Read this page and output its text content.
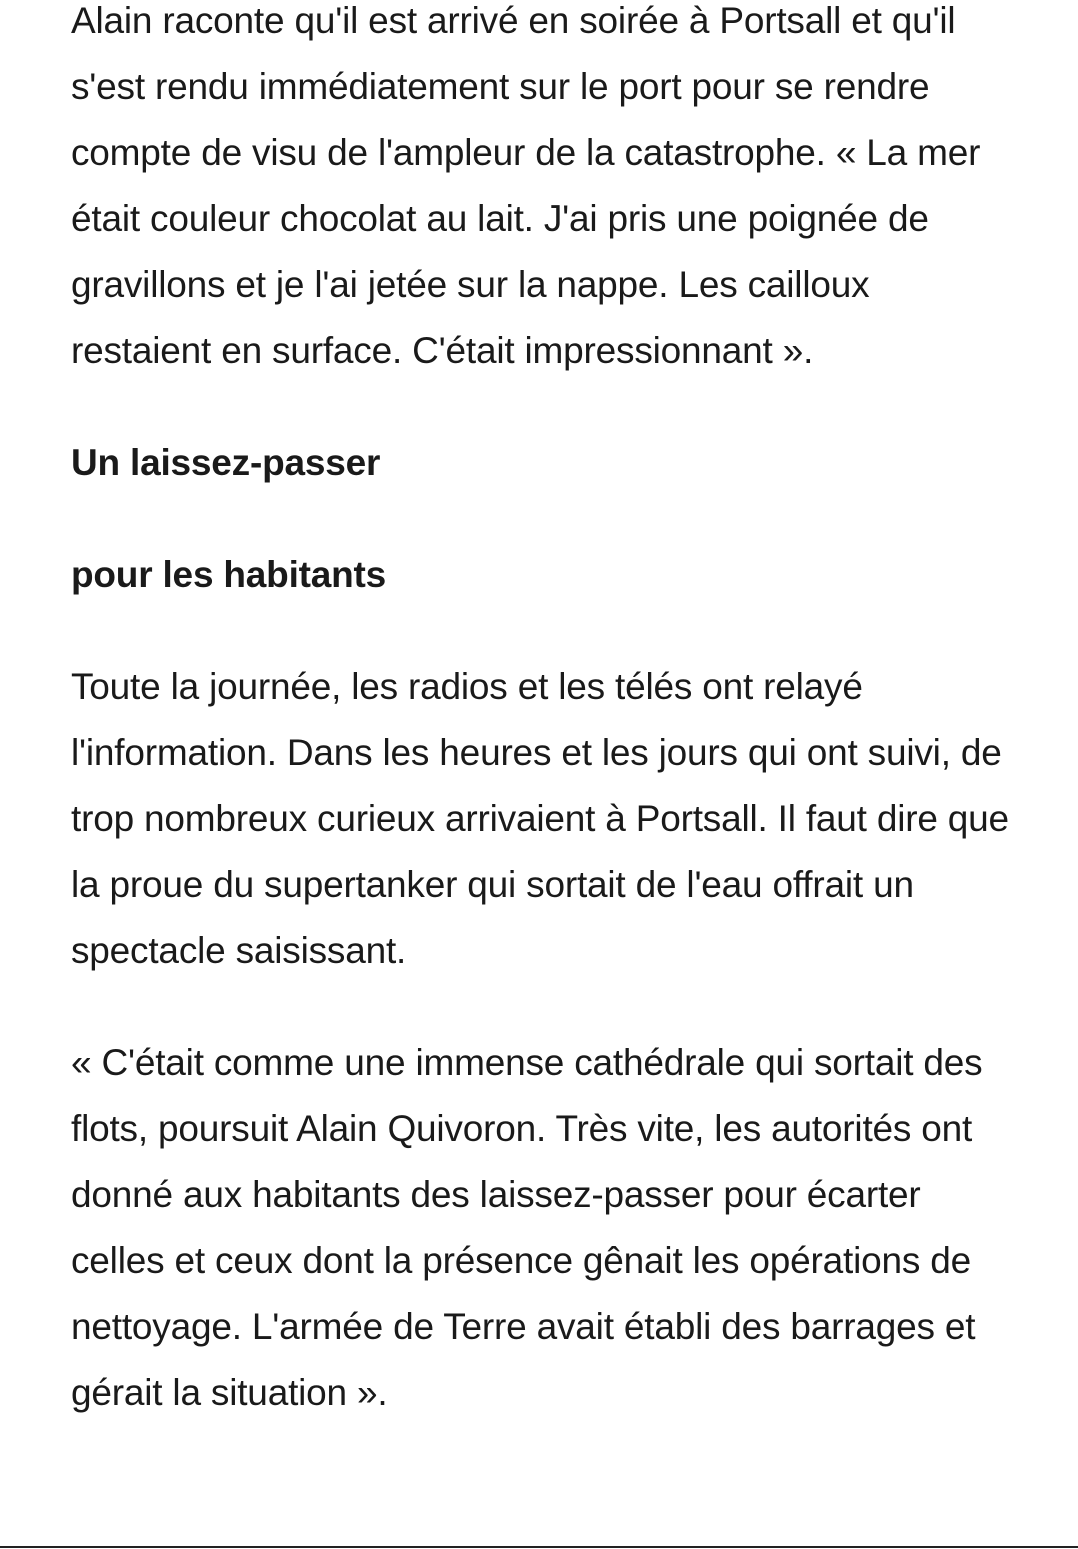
Alain raconte qu'il est arrivé en soirée à Portsall et qu'il s'est rendu immédiatement sur le port pour se rendre compte de visu de l'ampleur de la catastrophe. « La mer était couleur chocolat au lait. J'ai pris une poignée de gravillons et je l'ai jetée sur la nappe. Les cailloux restaient en surface. C'était impressionnant ».

Un laissez-passer

pour les habitants

Toute la journée, les radios et les télés ont relayé l'information. Dans les heures et les jours qui ont suivi, de trop nombreux curieux arrivaient à Portsall. Il faut dire que la proue du supertanker qui sortait de l'eau offrait un spectacle saisissant.

« C'était comme une immense cathédrale qui sortait des flots, poursuit Alain Quivoron. Très vite, les autorités ont donné aux habitants des laissez-passer pour écarter celles et ceux dont la présence gênait les opérations de nettoyage. L'armée de Terre avait établi des barrages et gérait la situation ».
